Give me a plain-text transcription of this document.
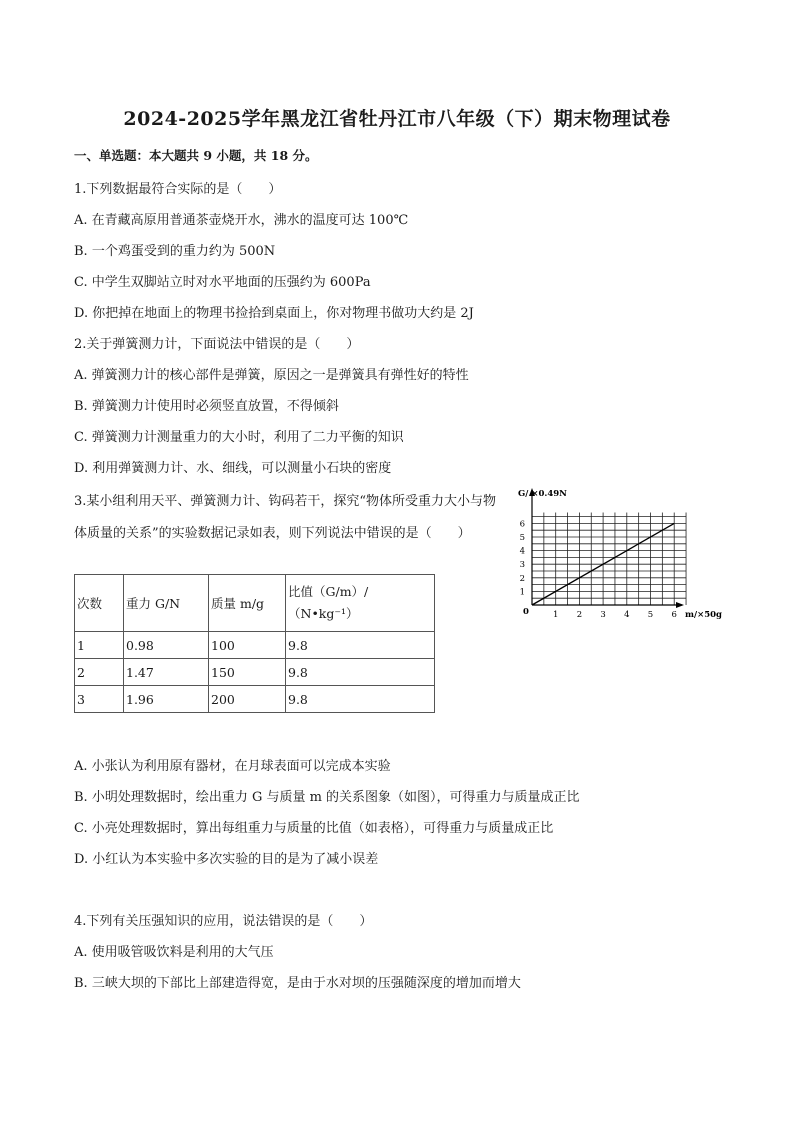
2024-2025学年黑龙江省牡丹江市八年级（下）期末物理试卷
一、单选题：本大题共 9 小题，共 18 分。
1.下列数据最符合实际的是（　　）
A. 在青藏高原用普通茶壶烧开水，沸水的温度可达 100℃
B. 一个鸡蛋受到的重力约为 500N
C. 中学生双脚站立时对水平地面的压强约为 600Pa
D. 你把掉在地面上的物理书捡拾到桌面上，你对物理书做功大约是 2J
2.关于弹簧测力计，下面说法中错误的是（　　）
A. 弹簧测力计的核心部件是弹簧，原因之一是弹簧具有弹性好的特性
B. 弹簧测力计使用时必须竖直放置，不得倾斜
C. 弹簧测力计测量重力的大小时，利用了二力平衡的知识
D. 利用弹簧测力计、水、细线，可以测量小石块的密度
3.某小组利用天平、弹簧测力计、钩码若干，探究“物体所受重力大小与物体质量的关系”的实验数据记录如表，则下列说法中错误的是（　　）
次数	重力 G/N	质量 m/g	比值（G/m）/（N•kg⁻¹）
1	0.98	100	9.8
2	1.47	150	9.8
3	1.96	200	9.8
1 2 3 4 5 6
1
2
3
4
5
6
0
G/ ×0.49N
m/×50g
A. 小张认为利用原有器材，在月球表面可以完成本实验
B. 小明处理数据时，绘出重力 G 与质量 m 的关系图象（如图），可得重力与质量成正比
C. 小亮处理数据时，算出每组重力与质量的比值（如表格），可得重力与质量成正比
D. 小红认为本实验中多次实验的目的是为了减小误差
4.下列有关压强知识的应用，说法错误的是（　　）
A. 使用吸管吸饮料是利用的大气压
B. 三峡大坝的下部比上部建造得宽，是由于水对坝的压强随深度的增加而增大
